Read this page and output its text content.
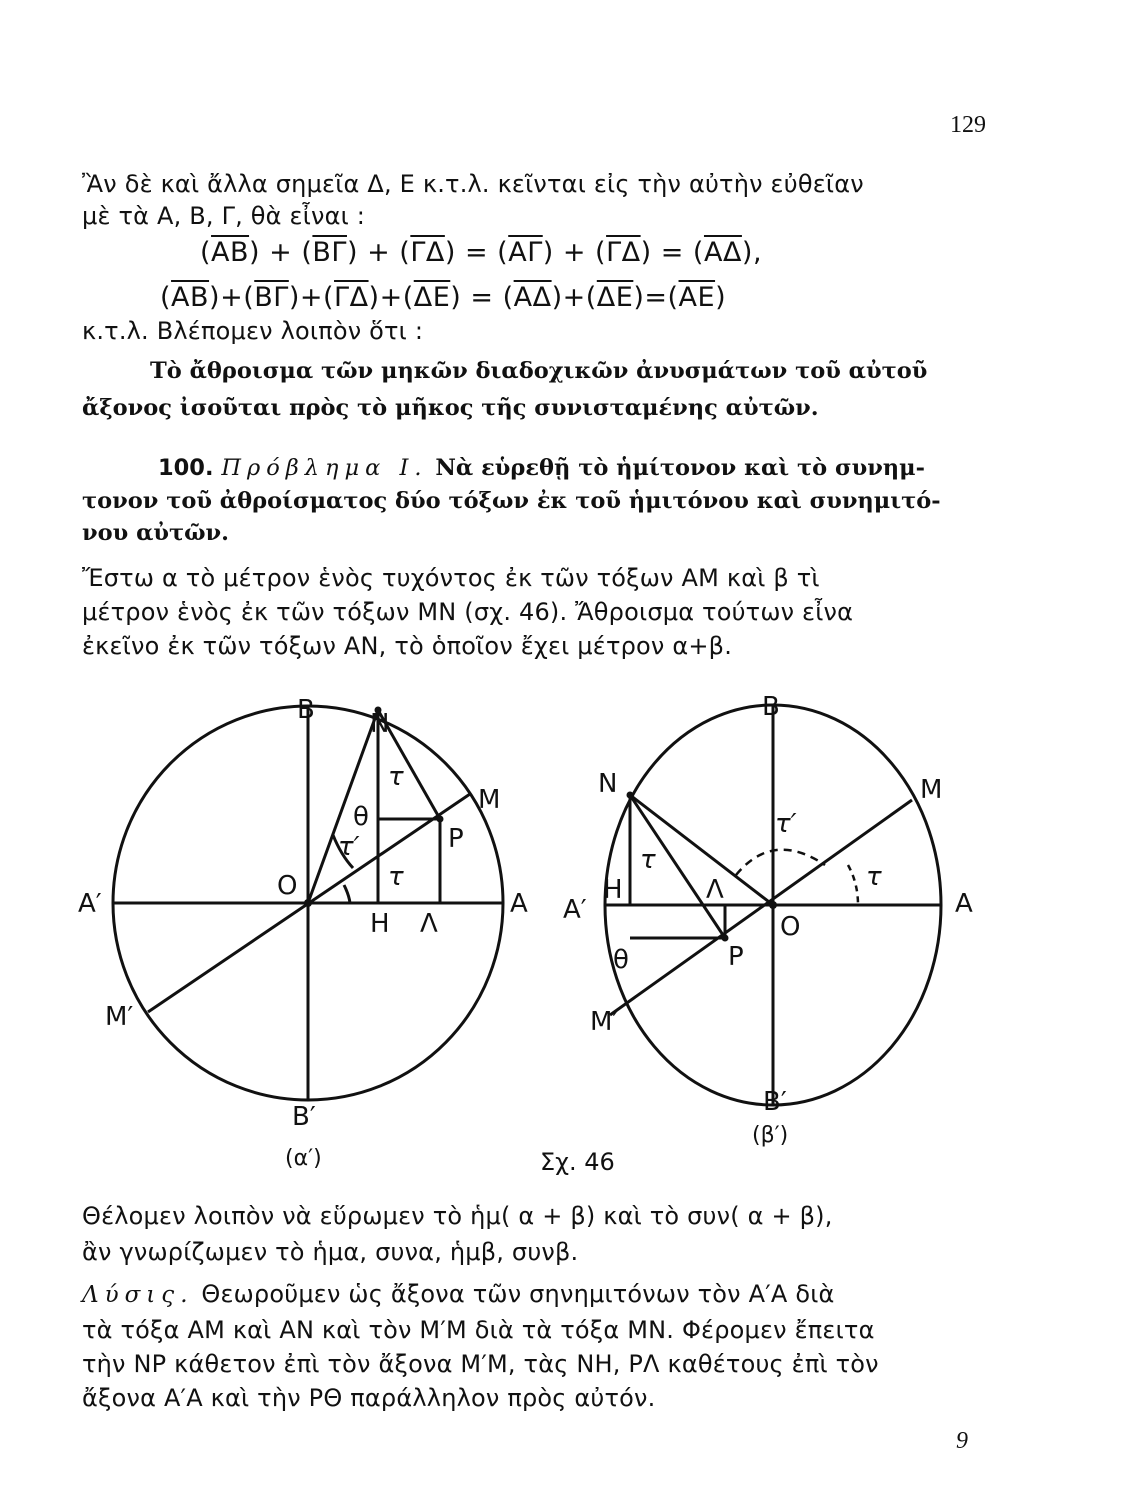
129
Ἂν δὲ καὶ ἄλλα σημεῖα Δ, Ε κ.τ.λ. κεῖνται εἰς τὴν αὐτὴν εὐθεῖαν
μὲ τὰ Α, Β, Γ, θὰ εἶναι :
$(\overline{AB}) + (\overline{B\Gamma}) + (\overline{\Gamma\Delta}) = (\overline{A\Gamma}) + (\overline{\Gamma\Delta}) = (\overline{A\Delta})$,
$(\overline{AB})+(\overline{B\Gamma})+(\overline{\Gamma\Delta})+(\overline{\Delta E}) = (\overline{A\Delta})+(\overline{\Delta E})=(\overline{AE})$
κ.τ.λ. Βλέπομεν λοιπὸν ὅτι :
Τὸ ἄθροισμα τῶν μηκῶν διαδοχικῶν ἀνυσμάτων τοῦ αὐτοῦ
ἄξονος ἰσοῦται πρὸς τὸ μῆκος τῆς συνισταμένης αὐτῶν.
100. Πρόβλημα Ι. Νὰ εὑρεθῇ τὸ ἡμίτονον καὶ τὸ συνημ-
τονον τοῦ ἀθροίσματος δύο τόξων ἐκ τοῦ ἡμιτόνου καὶ συνημιτό-
νου αὐτῶν.
Ἔστω α τὸ μέτρον ἑνὸς τυχόντος ἐκ τῶν τόξων ΑΜ καὶ β τὶ
μέτρον ἑνὸς ἐκ τῶν τόξων ΜΝ (σχ. 46). Ἄθροισμα τούτων εἶνα
ἐκεῖνο ἐκ τῶν τόξων ΑΝ, τὸ ὁποῖον ἔχει μέτρον α+β.
Β Ν
Μ
Ρ
Ο
Α
Α′
Η Λ
Μ′
Β′
(α′)
τ
θ
τ′
τ
Β
Ν	Μ
Α
Α′
Ο
Η	Λ
Ρ
θ
Μ′
Β′
(β′)
τ′
τ
τ
Σχ. 46
Θέλομεν λοιπὸν νὰ εὕρωμεν τὸ ἡμ( α + β) καὶ τὸ συν( α + β),
ἂν γνωρίζωμεν τὸ ἡμα, συνα, ἡμβ, συνβ.
Λύσις. Θεωροῦμεν ὡς ἄξονα τῶν σηνημιτόνων τὸν Α′Α διὰ
τὰ τόξα ΑΜ καὶ ΑΝ καὶ τὸν Μ′Μ διὰ τὰ τόξα ΜΝ. Φέρομεν ἔπειτα
τὴν ΝΡ κάθετον ἐπὶ τὸν ἄξονα Μ′Μ, τὰς ΝΗ, ΡΛ καθέτους ἐπὶ τὸν
ἄξονα Α′Α καὶ τὴν ΡΘ παράλληλον πρὸς αὐτόν.
9
